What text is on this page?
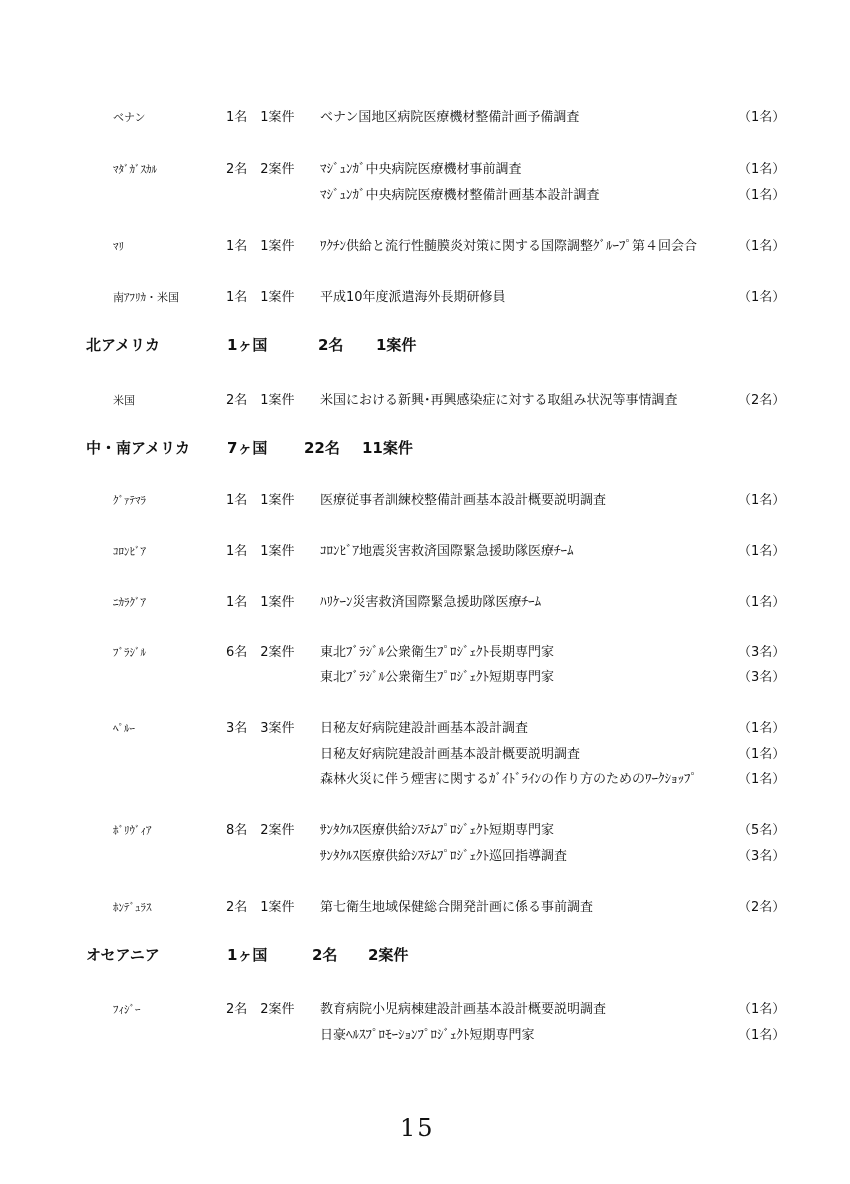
ベナン	1名　1案件 ベナン国地区病院医療機材整備計画予備調査	（1名）
ﾏﾀﾞｶﾞｽｶﾙ	2名　2案件 ﾏｼﾞｭﾝｶﾞ中央病院医療機材事前調査	（1名）
ﾏｼﾞｭﾝｶﾞ中央病院医療機材整備計画基本設計調査	（1名）
ﾏﾘ	1名　1案件 ﾜｸﾁﾝ供給と流行性髄膜炎対策に関する国際調整ｸﾞﾙｰﾌﾟ第４回会合	（1名）
南ｱﾌﾘｶ・米国	1名　1案件 平成10年度派遣海外長期研修員	（1名）
北アメリカ	1ヶ国	2名 1案件
米国	2名　1案件 米国における新興･再興感染症に対する取組み状況等事情調査	（2名）
中・南アメリカ 7ヶ国 22名 11案件
ｸﾞｧﾃﾏﾗ	1名　1案件 医療従事者訓練校整備計画基本設計概要説明調査	（1名）
ｺﾛﾝﾋﾞｱ	1名　1案件 ｺﾛﾝﾋﾞｱ地震災害救済国際緊急援助隊医療ﾁｰﾑ	（1名）
ﾆｶﾗｸﾞｱ	1名　1案件 ﾊﾘｹｰﾝ災害救済国際緊急援助隊医療ﾁｰﾑ	（1名）
ﾌﾞﾗｼﾞﾙ	6名　2案件 東北ﾌﾞﾗｼﾞﾙ公衆衛生ﾌﾟﾛｼﾞｪｸﾄ長期専門家	（3名）
東北ﾌﾞﾗｼﾞﾙ公衆衛生ﾌﾟﾛｼﾞｪｸﾄ短期専門家	（3名）
ﾍﾟﾙｰ	3名　3案件 日秘友好病院建設計画基本設計調査	（1名）
日秘友好病院建設計画基本設計概要説明調査	（1名）
森林火災に伴う煙害に関するｶﾞｲﾄﾞﾗｲﾝの作り方のためのﾜｰｸｼｮｯﾌﾟ	（1名）
ﾎﾞﾘｳﾞｨｱ	8名　2案件 ｻﾝﾀｸﾙｽ医療供給ｼｽﾃﾑﾌﾟﾛｼﾞｪｸﾄ短期専門家	（5名）
ｻﾝﾀｸﾙｽ医療供給ｼｽﾃﾑﾌﾟﾛｼﾞｪｸﾄ巡回指導調査	（3名）
ﾎﾝﾃﾞｭﾗｽ	2名　1案件 第七衛生地域保健総合開発計画に係る事前調査	（2名）
オセアニア	1ヶ国	2名 2案件
ﾌｨｼﾞｰ	2名　2案件 教育病院小児病棟建設計画基本設計概要説明調査	（1名）
日豪ﾍﾙｽﾌﾟﾛﾓｰｼｮﾝﾌﾟﾛｼﾞｪｸﾄ短期専門家	（1名）
15
